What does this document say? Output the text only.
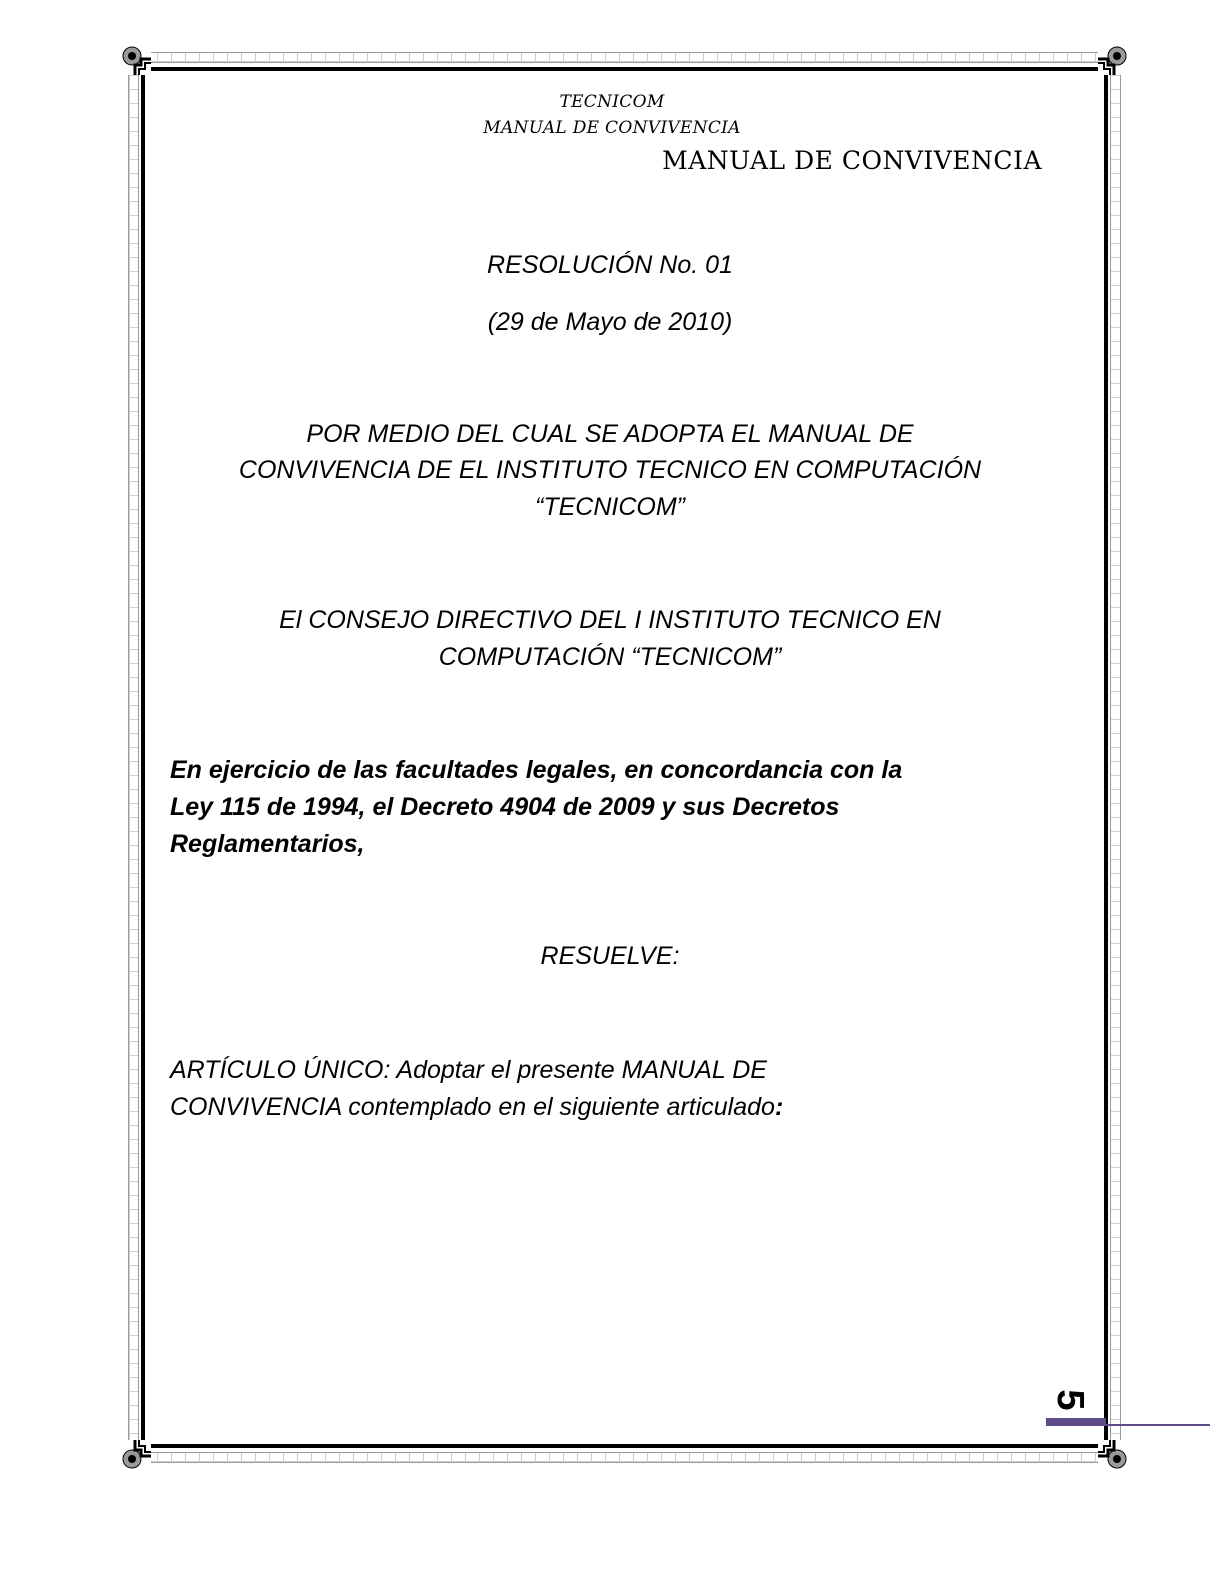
TECNICOM
MANUAL DE CONVIVENCIA
MANUAL DE CONVIVENCIA
RESOLUCIÓN No. 01
(29 de Mayo de 2010)
POR MEDIO DEL CUAL SE ADOPTA EL MANUAL DE
CONVIVENCIA DE EL INSTITUTO TECNICO EN COMPUTACIÓN
“TECNICOM”
El CONSEJO DIRECTIVO DEL I INSTITUTO TECNICO EN
COMPUTACIÓN “TECNICOM”
En ejercicio de las facultades legales, en concordancia con la
Ley 115 de 1994, el Decreto 4904 de 2009 y sus Decretos
Reglamentarios,
RESUELVE:
ARTÍCULO ÚNICO: Adoptar el presente MANUAL DE
CONVIVENCIA contemplado en el siguiente articulado:
5
